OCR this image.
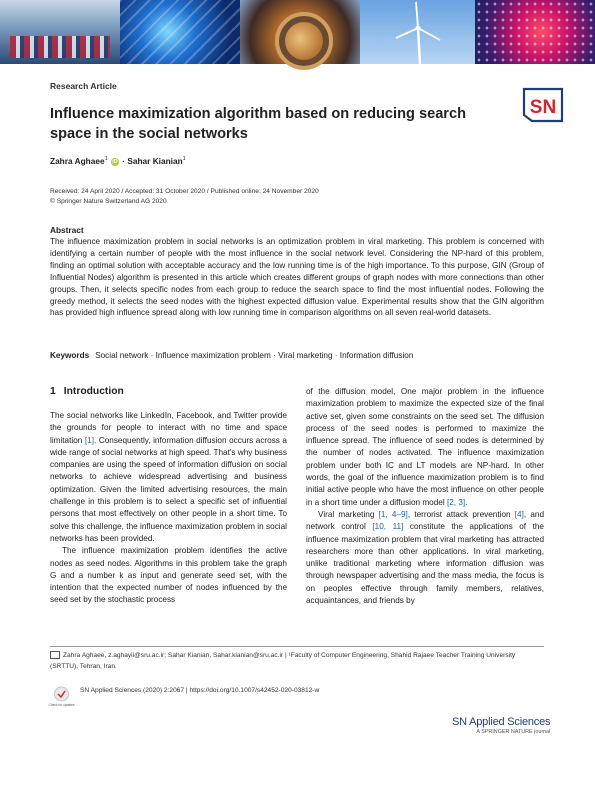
Research Article
Influence maximization algorithm based on reducing search space in the social networks
SN
Zahra Aghaee$^1$ iD · Sahar Kianian$^1$
Received: 24 April 2020 / Accepted: 31 October 2020 / Published online: 24 November 2020
© Springer Nature Switzerland AG 2020
Abstract

The influence maximization problem in social networks is an optimization problem in viral marketing. This problem is concerned with identifying a certain number of people with the most influence in the social network level. Considering the NP-hard of this problem, finding an optimal solution with acceptable accuracy and the low running time is of the high importance. To this purpose, GIN (Group of Influential Nodes) algorithm is presented in this article which creates different groups of graph nodes with more connections than other groups. Then, it selects specific nodes from each group to reduce the search space to find the most influential nodes. Following the greedy method, it selects the seed nodes with the highest expected diffusion value. Experimental results show that the GIN algorithm has provided high influence spread along with low running time in comparison algorithms on all seven real-world datasets.

Keywords Social network · Influence maximization problem · Viral marketing · Information diffusion
1 Introduction

The social networks like LinkedIn, Facebook, and Twitter provide the grounds for people to interact with no time and space limitation [1]. Consequently, information diffusion occurs across a wide range of social networks at high speed. That's why business companies are using the speed of information diffusion on social networks to achieve widespread advertising and business optimization. Given the limited advertising resources, the main challenge in this problem is to select a specific set of influential persons that most effectively on other people in a short time. To solve this challenge, the influence maximization problem in social networks has been provided.

The influence maximization problem identifies the active nodes as seed nodes. Algorithms in this problem take the graph G and a number k as input and generate seed set, with the intention that the expected number of nodes influenced by the seed set by the stochastic process

of the diffusion model, One major problem in the influence maximization problem to maximize the expected size of the final active set, given some constraints on the seed set. The diffusion process of the seed nodes is performed to maximize the influence spread. The influence of seed nodes is determined by the number of nodes activated. The influence maximization problem under both IC and LT models are NP-hard. In other words, the goal of the influence maximization problem is to find initial active people who have the most influence on other people in a short time under a diffusion model [2, 3].

Viral marketing [1, 4–9], terrorist attack prevention [4], and network control [10, 11] constitute the applications of the influence maximization problem that viral marketing has attracted researchers more than other applications. In viral marketing, unlike traditional marketing where information diffusion was through newspaper advertising and the mass media, the focus is on peoples effective through family members, relatives, acquaintances, and friends by

Zahra Aghaee, z.aghayii@sru.ac.ir; Sahar Kianian, Sahar.kianian@sru.ac.ir | ¹Faculty of Computer Engineering, Shahid Rajaee Teacher Training University (SRTTU), Tehran, Iran.
Check for updates
SN Applied Sciences (2020) 2:2067 | https://doi.org/10.1007/s42452-020-03812-w
SN Applied Sciences
A SPRINGER NATURE journal
